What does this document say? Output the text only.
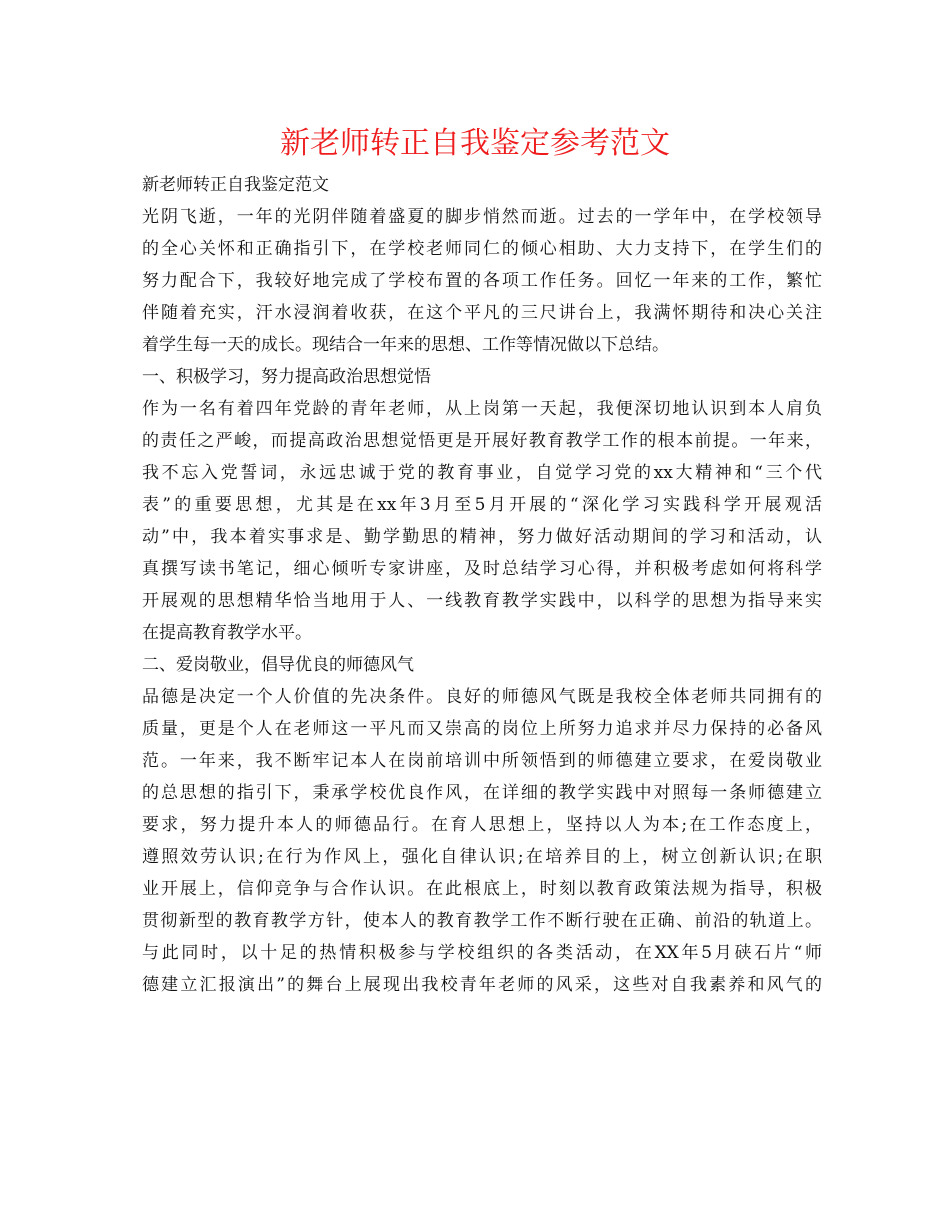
新老师转正自我鉴定参考范文
新老师转正自我鉴定范文
光阴飞逝，一年的光阴伴随着盛夏的脚步悄然而逝。过去的一学年中，在学校领导
的全心关怀和正确指引下，在学校老师同仁的倾心相助、大力支持下，在学生们的
努力配合下，我较好地完成了学校布置的各项工作任务。回忆一年来的工作，繁忙
伴随着充实，汗水浸润着收获，在这个平凡的三尺讲台上，我满怀期待和决心关注
着学生每一天的成长。现结合一年来的思想、工作等情况做以下总结。
一、积极学习，努力提高政治思想觉悟
作为一名有着四年党龄的青年老师，从上岗第一天起，我便深切地认识到本人肩负
的责任之严峻，而提高政治思想觉悟更是开展好教育教学工作的根本前提。一年来，
我不忘入党誓词，永远忠诚于党的教育事业，自觉学习党的xx大精神和“三个代
表”的重要思想，尤其是在xx年3月至5月开展的“深化学习实践科学开展观活
动”中，我本着实事求是、勤学勤思的精神，努力做好活动期间的学习和活动，认
真撰写读书笔记，细心倾听专家讲座，及时总结学习心得，并积极考虑如何将科学
开展观的思想精华恰当地用于人、一线教育教学实践中，以科学的思想为指导来实
在提高教育教学水平。
二、爱岗敬业，倡导优良的师德风气
品德是决定一个人价值的先决条件。良好的师德风气既是我校全体老师共同拥有的
质量，更是个人在老师这一平凡而又崇高的岗位上所努力追求并尽力保持的必备风
范。一年来，我不断牢记本人在岗前培训中所领悟到的师德建立要求，在爱岗敬业
的总思想的指引下，秉承学校优良作风，在详细的教学实践中对照每一条师德建立
要求，努力提升本人的师德品行。在育人思想上，坚持以人为本;在工作态度上，
遵照效劳认识;在行为作风上，强化自律认识;在培养目的上，树立创新认识;在职
业开展上，信仰竞争与合作认识。在此根底上，时刻以教育政策法规为指导，积极
贯彻新型的教育教学方针，使本人的教育教学工作不断行驶在正确、前沿的轨道上。
与此同时，以十足的热情积极参与学校组织的各类活动，在XX年5月硖石片“师
德建立汇报演出”的舞台上展现出我校青年老师的风采，这些对自我素养和风气的
